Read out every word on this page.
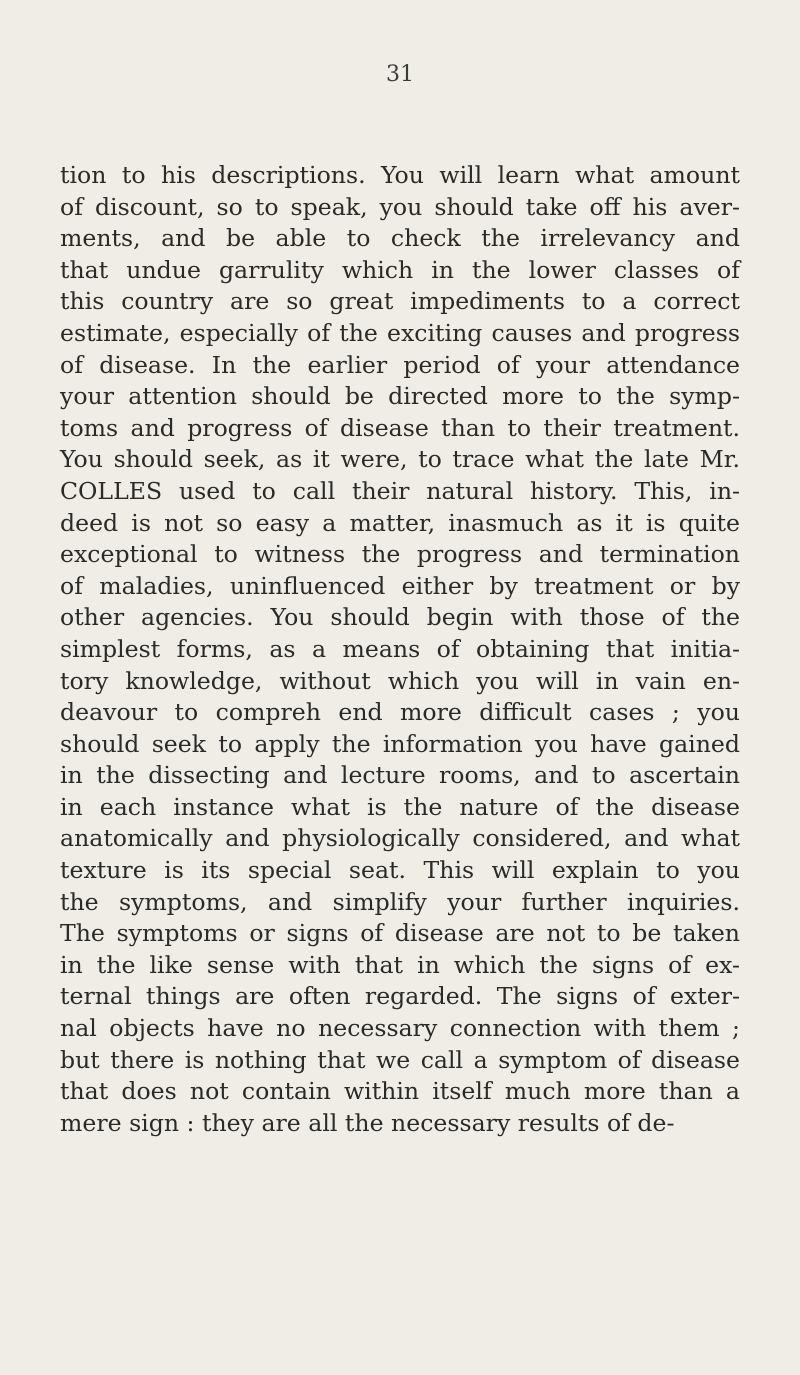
31
tion to his descriptions. You will learn what amount
of discount, so to speak, you should take off his aver-
ments, and be able to check the irrelevancy and
that undue garrulity which in the lower classes of
this country are so great impediments to a correct
estimate, especially of the exciting causes and progress
of disease. In the earlier period of your attendance
your attention should be directed more to the symp-
toms and progress of disease than to their treatment.
You should seek, as it were, to trace what the late Mr.
COLLES used to call their natural history. This, in-
deed is not so easy a matter, inasmuch as it is quite
exceptional to witness the progress and termination
of maladies, uninfluenced either by treatment or by
other agencies. You should begin with those of the
simplest forms, as a means of obtaining that initia-
tory knowledge, without which you will in vain en-
deavour to compreh end more difficult cases ; you
should seek to apply the information you have gained
in the dissecting and lecture rooms, and to ascertain
in each instance what is the nature of the disease
anatomically and physiologically considered, and what
texture is its special seat. This will explain to you
the symptoms, and simplify your further inquiries.
The symptoms or signs of disease are not to be taken
in the like sense with that in which the signs of ex-
ternal things are often regarded. The signs of exter-
nal objects have no necessary connection with them ;
but there is nothing that we call a symptom of disease
that does not contain within itself much more than a
mere sign : they are all the necessary results of de-
